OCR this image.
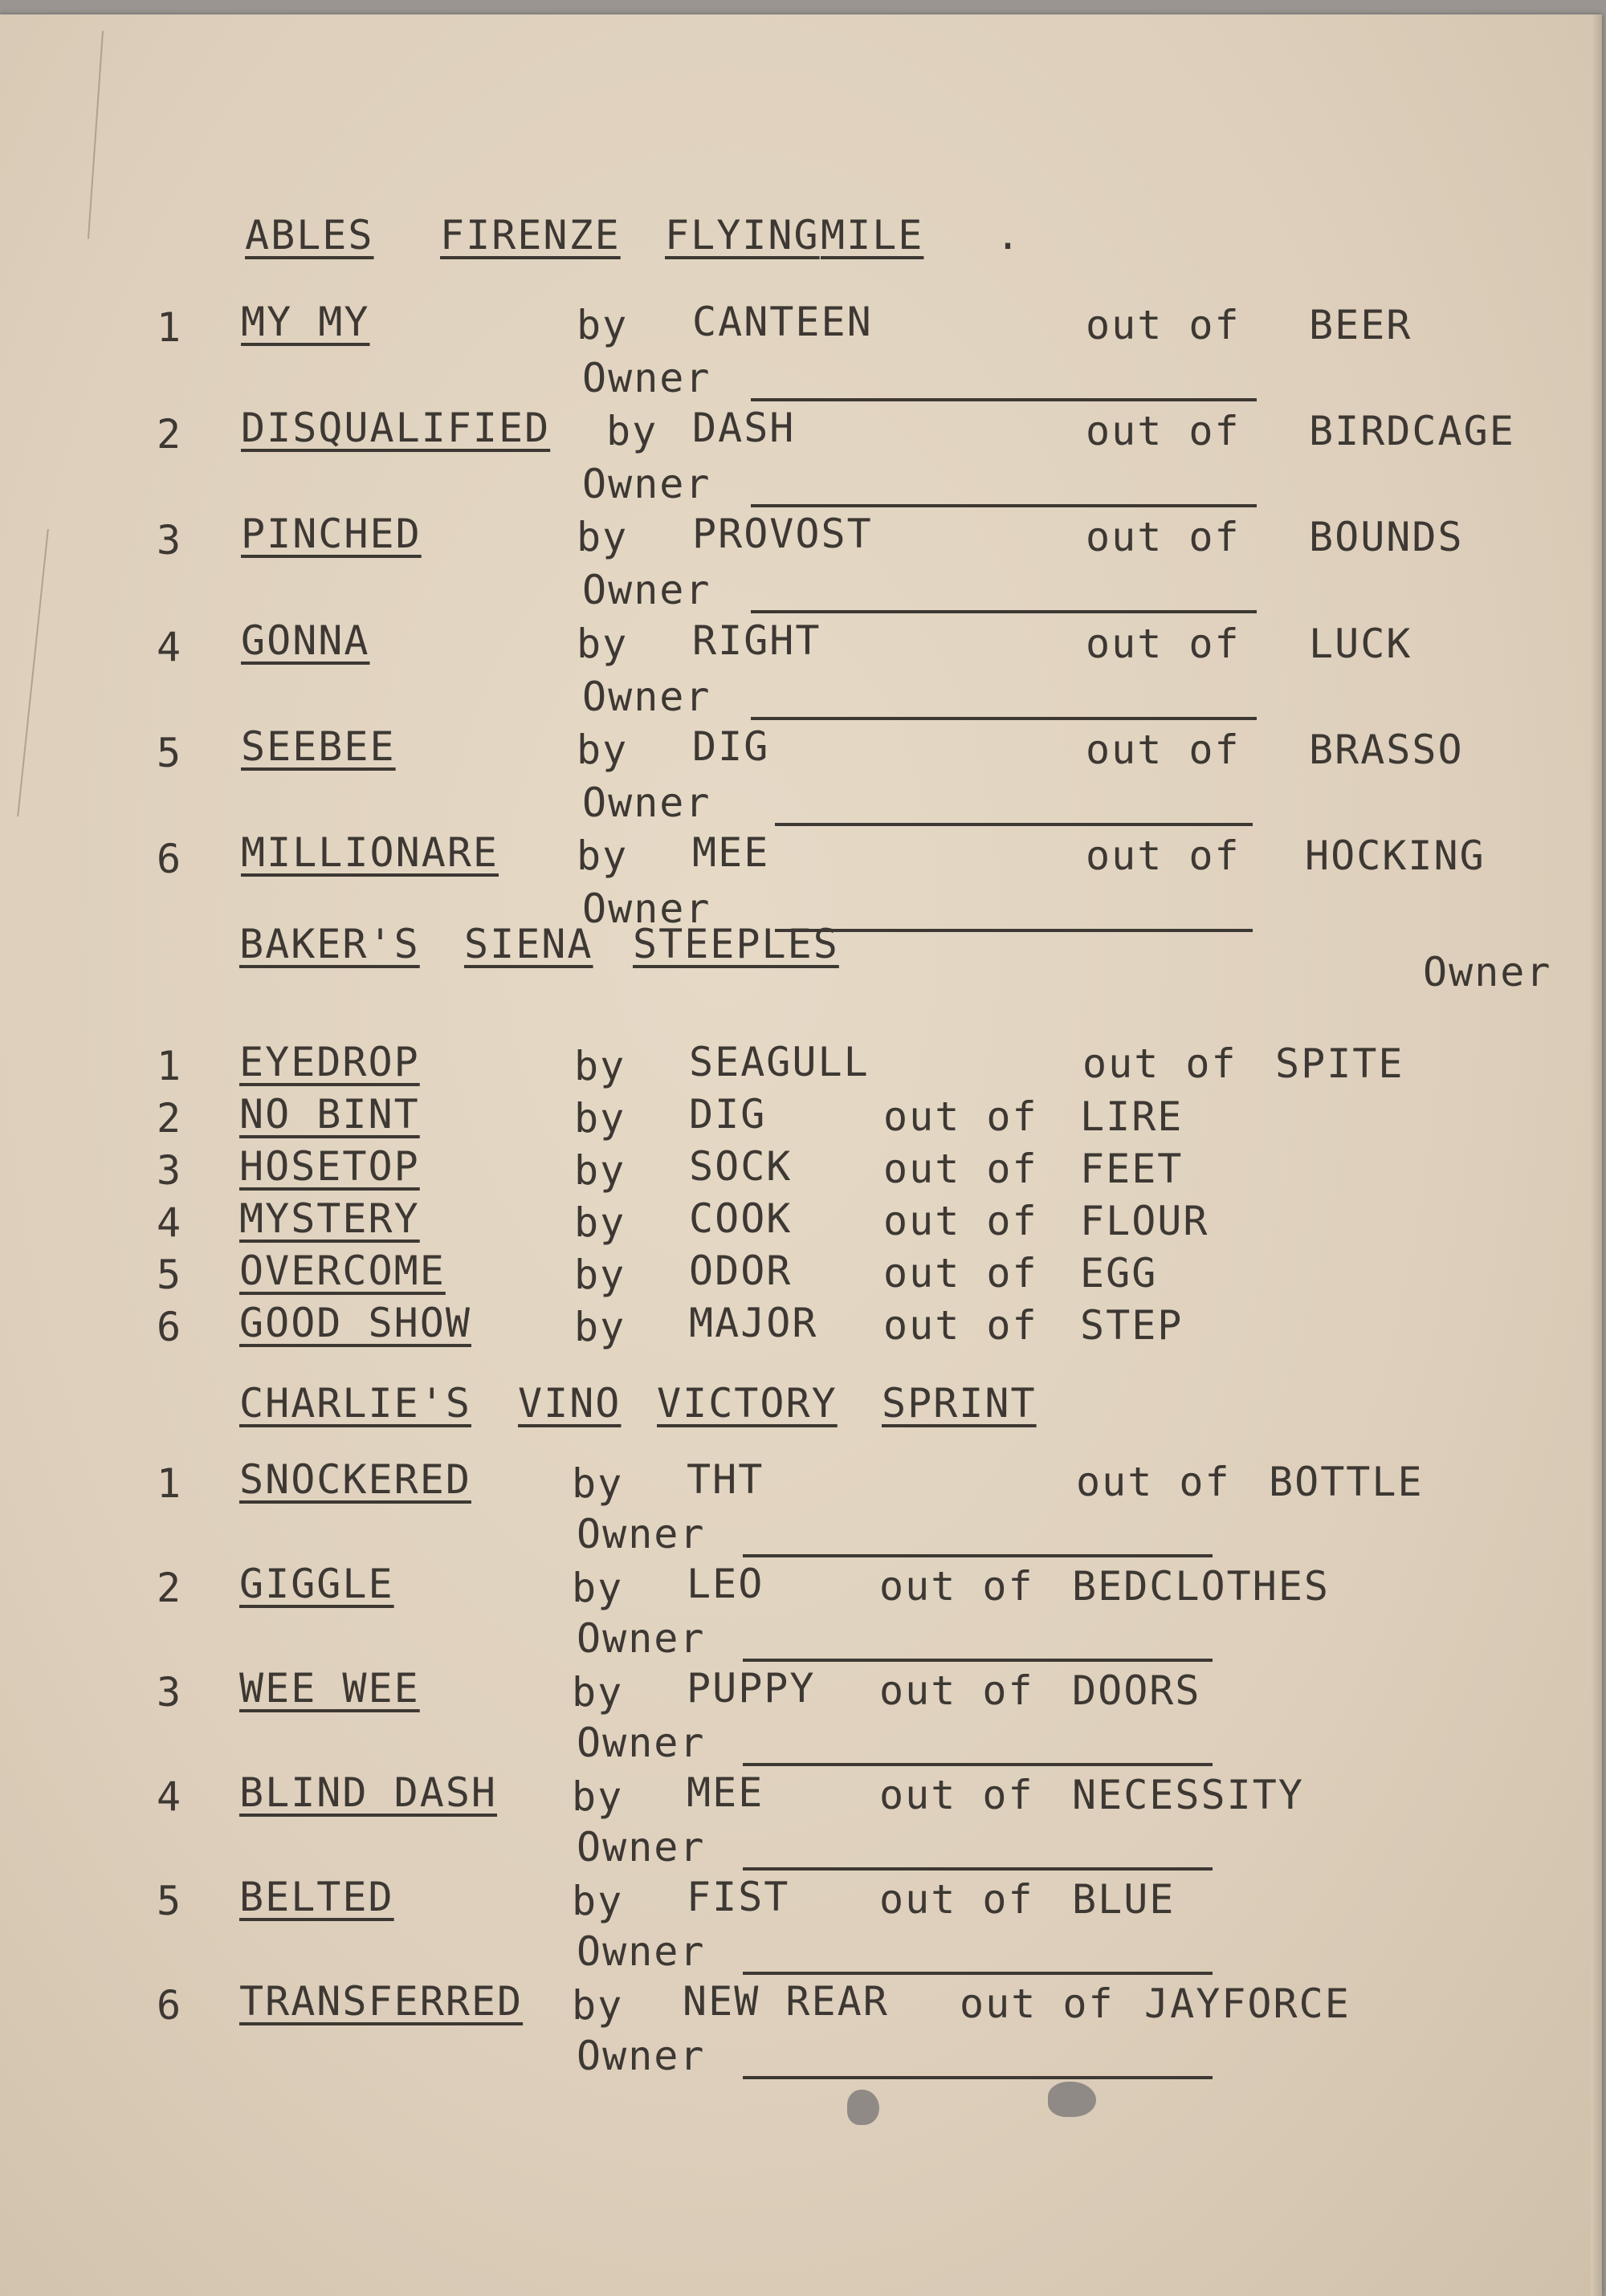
ABLES FIRENZE FLYING MILE .
1 MY MY	by CANTEEN	out of BEER
Owner
2 DISQUALIFIED by DASH	out of BIRDCAGE
Owner
3 PINCHED	by PROVOST	out of BOUNDS
Owner
4 GONNA	by RIGHT	out of LUCK
Owner
5 SEEBEE	by DIG	out of BRASSO
Owner
6 MILLIONARE by MEE	out of HOCKING
Owner
BAKER'S SIENA STEEPLES
Owner
1 EYEDROP	by SEAGULL	out of SPITE
2 NO BINT	by DIG	out of LIRE
3 HOSETOP	by SOCK out of FEET
4 MYSTERY	by COOK out of FLOUR
5 OVERCOME	by ODOR out of EGG
6 GOOD SHOW	by MAJOR out of STEP
CHARLIE'S VINO VICTORY SPRINT
1 SNOCKERED	by THT	out of BOTTLE
Owner
2 GIGGLE	by LEO	out of BEDCLOTHES
Owner
3 WEE WEE	by PUPPY out of DOORS
Owner
4 BLIND DASH by MEE	out of NECESSITY
Owner
5 BELTED	by FIST out of BLUE
Owner
6 TRANSFERRED by NEW REAR out of JAYFORCE
Owner
